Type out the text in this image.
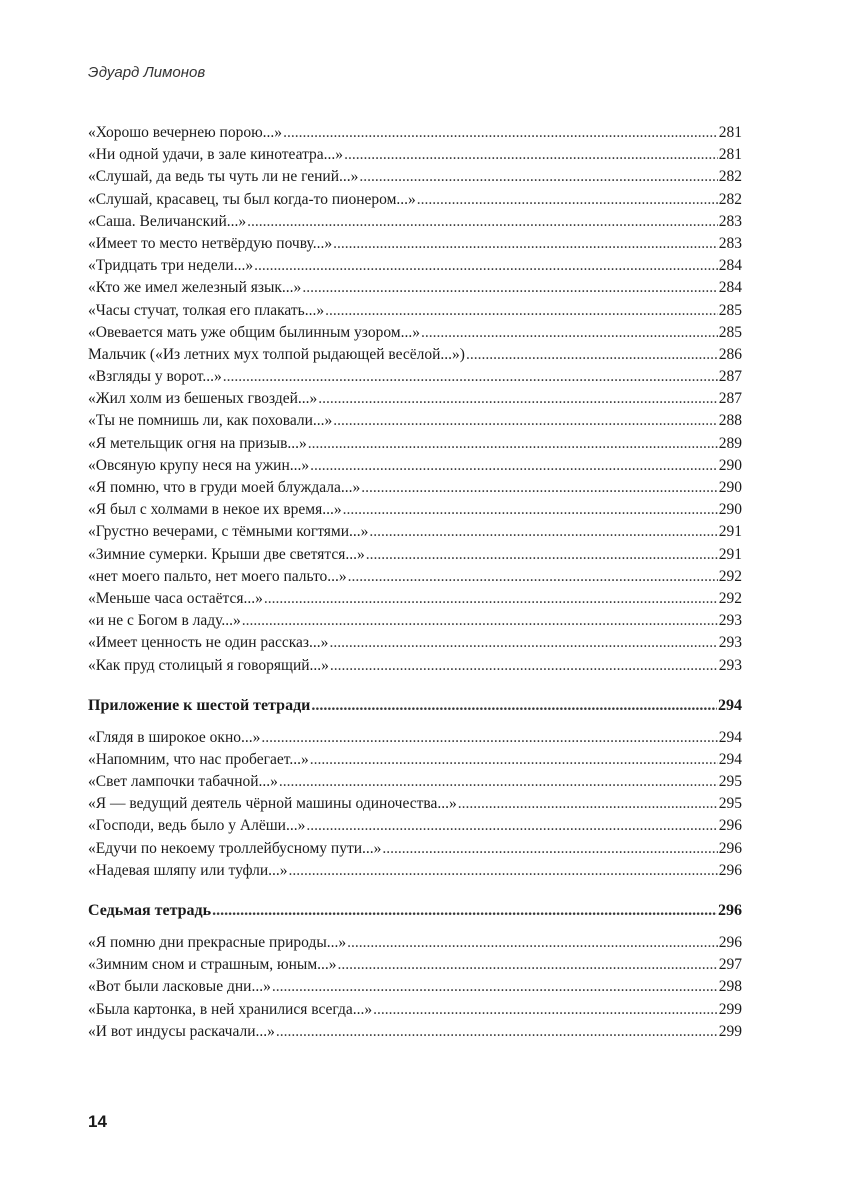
Эдуард Лимонов
«Хорошо вечернею порою...» .....	281
«Ни одной удачи, в зале кинотеатра...» .....	281
«Слушай, да ведь ты чуть ли не гений...» .....	282
«Слушай, красавец, ты был когда-то пионером...» .....	282
«Саша. Величанский...» .....	283
«Имеет то место нетвёрдую почву...» .....	283
«Тридцать три недели...» .....	284
«Кто же имел железный язык...» .....	284
«Часы стучат, толкая его плакать...» .....	285
«Овевается мать уже общим былинным узором...» .....	285
Мальчик («Из летних мух толпой рыдающей весёлой...») .....	286
«Взгляды у ворот...» .....	287
«Жил холм из бешеных гвоздей...» .....	287
«Ты не помнишь ли, как поховали...» .....	288
«Я метельщик огня на призыв...» .....	289
«Овсяную крупу неся на ужин...» .....	290
«Я помню, что в груди моей блуждала...» .....	290
«Я был с холмами в некое их время...» .....	290
«Грустно вечерами, с тёмными когтями...» .....	291
«Зимние сумерки. Крыши две светятся...» .....	291
«нет моего пальто, нет моего пальто...» .....	292
«Меньше часа остаётся...» .....	292
«и не с Богом в ладу...» .....	293
«Имеет ценность не один рассказ...» .....	293
«Как пруд столицый я говорящий...» .....	293
Приложение к шестой тетради .....	294
«Глядя в широкое окно...» .....	294
«Напомним, что нас пробегает...» .....	294
«Свет лампочки табачной...» .....	295
«Я — ведущий деятель чёрной машины одиночества...» .....	295
«Господи, ведь было у Алёши...» .....	296
«Едучи по некоему троллейбусному пути...» .....	296
«Надевая шляпу или туфли...» .....	296
Седьмая тетрадь .....	296
«Я помню дни прекрасные природы...» .....	296
«Зимним сном и страшным, юным...» .....	297
«Вот были ласковые дни...» .....	298
«Была картонка, в ней хранилися всегда...» .....	299
«И вот индусы раскачали...» .....	299
14
